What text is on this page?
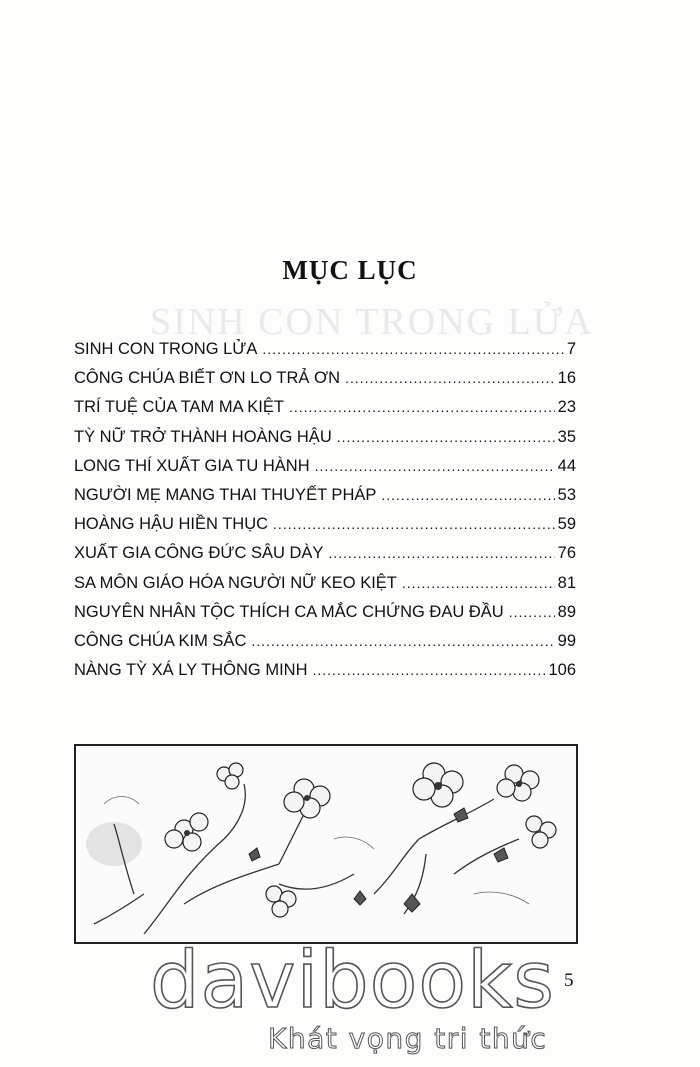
SINH CON TRONG LỬA
MỤC LỤC
SINH CON TRONG LỬA .....	7
CÔNG CHÚA BIẾT ƠN LO TRẢ ƠN .....	16
TRÍ TUỆ CỦA TAM MA KIỆT .....	23
TỲ NỮ TRỞ THÀNH HOÀNG HẬU .....	35
LONG THÍ XUẤT GIA TU HÀNH .....	44
NGƯỜI MẸ MANG THAI THUYẾT PHÁP .....	53
HOÀNG HẬU HIỀN THỤC .....	59
XUẤT GIA CÔNG ĐỨC SÂU DÀY .....	76
SA MÔN GIÁO HÓA NGƯỜI NỮ KEO KIỆT .....	81
NGUYÊN NHÂN TỘC THÍCH CA MẮC CHỨNG ĐAU ĐẦU .....	89
CÔNG CHÚA KIM SẮC .....	99
NÀNG TỲ XÁ LY THÔNG MINH .....	106
5
davibooks
Khát vọng tri thức
